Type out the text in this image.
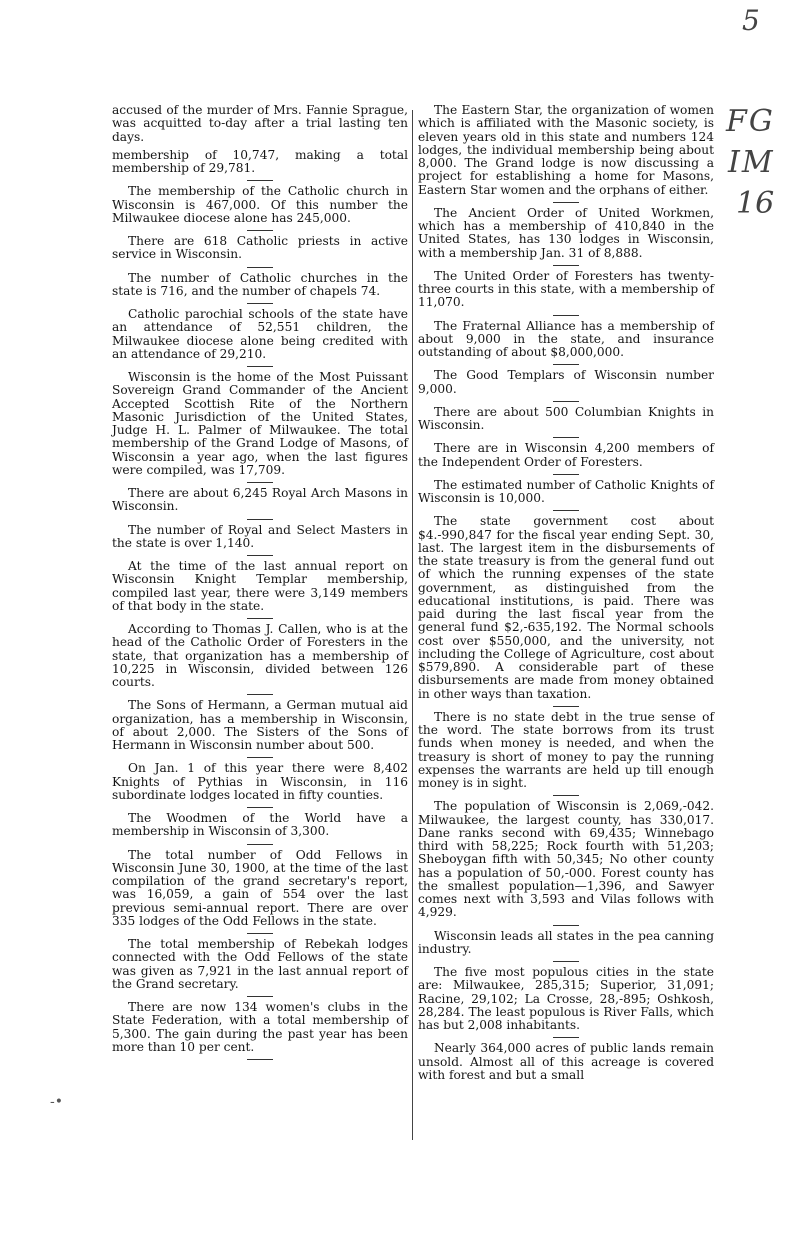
5
FG
IM
16
-•

accused of the murder of Mrs. Fannie Sprague, was acquitted to-day after a trial lasting ten days.

membership of 10,747, making a total membership of 29,781.

The membership of the Catholic church in Wisconsin is 467,000. Of this number the Milwaukee diocese alone has 245,000.

There are 618 Catholic priests in active service in Wisconsin.

The number of Catholic churches in the state is 716, and the number of chapels 74.

Catholic parochial schools of the state have an attendance of 52,551 children, the Milwaukee diocese alone being credited with an attendance of 29,210.

Wisconsin is the home of the Most Puissant Sovereign Grand Commander of the Ancient Accepted Scottish Rite of the Northern Masonic Jurisdiction of the United States, Judge H. L. Palmer of Milwaukee. The total membership of the Grand Lodge of Masons, of Wisconsin a year ago, when the last figures were compiled, was 17,709.

There are about 6,245 Royal Arch Masons in Wisconsin.

The number of Royal and Select Masters in the state is over 1,140.

At the time of the last annual report on Wisconsin Knight Templar membership, compiled last year, there were 3,149 members of that body in the state.

According to Thomas J. Callen, who is at the head of the Catholic Order of Foresters in the state, that organization has a membership of 10,225 in Wisconsin, divided between 126 courts.

The Sons of Hermann, a German mutual aid organization, has a membership in Wisconsin, of about 2,000. The Sisters of the Sons of Hermann in Wisconsin number about 500.

On Jan. 1 of this year there were 8,402 Knights of Pythias in Wisconsin, in 116 subordinate lodges located in fifty counties.

The Woodmen of the World have a membership in Wisconsin of 3,300.

The total number of Odd Fellows in Wisconsin June 30, 1900, at the time of the last compilation of the grand secretary's report, was 16,059, a gain of 554 over the last previous semi-annual report. There are over 335 lodges of the Odd Fellows in the state.

The total membership of Rebekah lodges connected with the Odd Fellows of the state was given as 7,921 in the last annual report of the Grand secretary.

There are now 134 women's clubs in the State Federation, with a total membership of 5,300. The gain during the past year has been more than 10 per cent.

The Eastern Star, the organization of women which is affiliated with the Masonic society, is eleven years old in this state and numbers 124 lodges, the individual membership being about 8,000. The Grand lodge is now discussing a project for establishing a home for Masons, Eastern Star women and the orphans of either.

The Ancient Order of United Workmen, which has a membership of 410,840 in the United States, has 130 lodges in Wisconsin, with a membership Jan. 31 of 8,888.

The United Order of Foresters has twenty-three courts in this state, with a membership of 11,070.

The Fraternal Alliance has a membership of about 9,000 in the state, and insurance outstanding of about $8,000,000.

The Good Templars of Wisconsin number 9,000.

There are about 500 Columbian Knights in Wisconsin.

There are in Wisconsin 4,200 members of the Independent Order of Foresters.

The estimated number of Catholic Knights of Wisconsin is 10,000.

The state government cost about $4.-990,847 for the fiscal year ending Sept. 30, last. The largest item in the disbursements of the state treasury is from the general fund out of which the running expenses of the state government, as distinguished from the educational institutions, is paid. There was paid during the last fiscal year from the general fund $2,-635,192. The Normal schools cost over $550,000, and the university, not including the College of Agriculture, cost about $579,890. A considerable part of these disbursements are made from money obtained in other ways than taxation.

There is no state debt in the true sense of the word. The state borrows from its trust funds when money is needed, and when the treasury is short of money to pay the running expenses the warrants are held up till enough money is in sight.

The population of Wisconsin is 2,069,-042. Milwaukee, the largest county, has 330,017. Dane ranks second with 69,435; Winnebago third with 58,225; Rock fourth with 51,203; Sheboygan fifth with 50,345; No other county has a population of 50,-000. Forest county has the smallest population—1,396, and Sawyer comes next with 3,593 and Vilas follows with 4,929.

Wisconsin leads all states in the pea canning industry.

The five most populous cities in the state are: Milwaukee, 285,315; Superior, 31,091; Racine, 29,102; La Crosse, 28,-895; Oshkosh, 28,284. The least populous is River Falls, which has but 2,008 inhabitants.

Nearly 364,000 acres of public lands remain unsold. Almost all of this acreage is covered with forest and but a small
